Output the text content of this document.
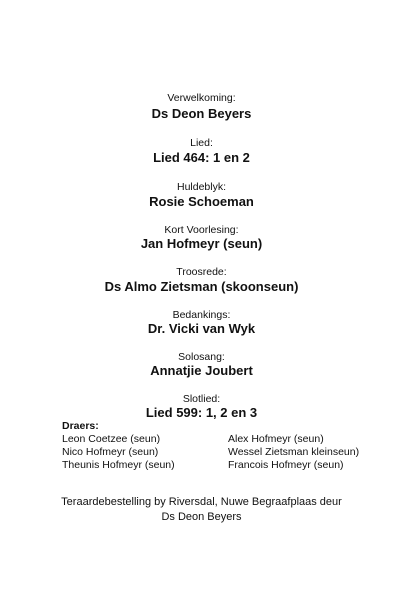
Verwelkoming:
Ds Deon Beyers
Lied:
Lied 464: 1 en 2
Huldeblyk:
Rosie Schoeman
Kort Voorlesing:
Jan Hofmeyr (seun)
Troosrede:
Ds Almo Zietsman (skoonseun)
Bedankings:
Dr. Vicki van Wyk
Solosang:
Annatjie Joubert
Slotlied:
Lied 599: 1, 2 en 3
Draers:
Leon Coetzee (seun)
Nico Hofmeyr (seun)
Theunis Hofmeyr (seun)
Alex Hofmeyr (seun)
Wessel Zietsman kleinseun)
Francois Hofmeyr (seun)
Teraardebestelling by Riversdal, Nuwe Begraafplaas deur
Ds Deon Beyers
